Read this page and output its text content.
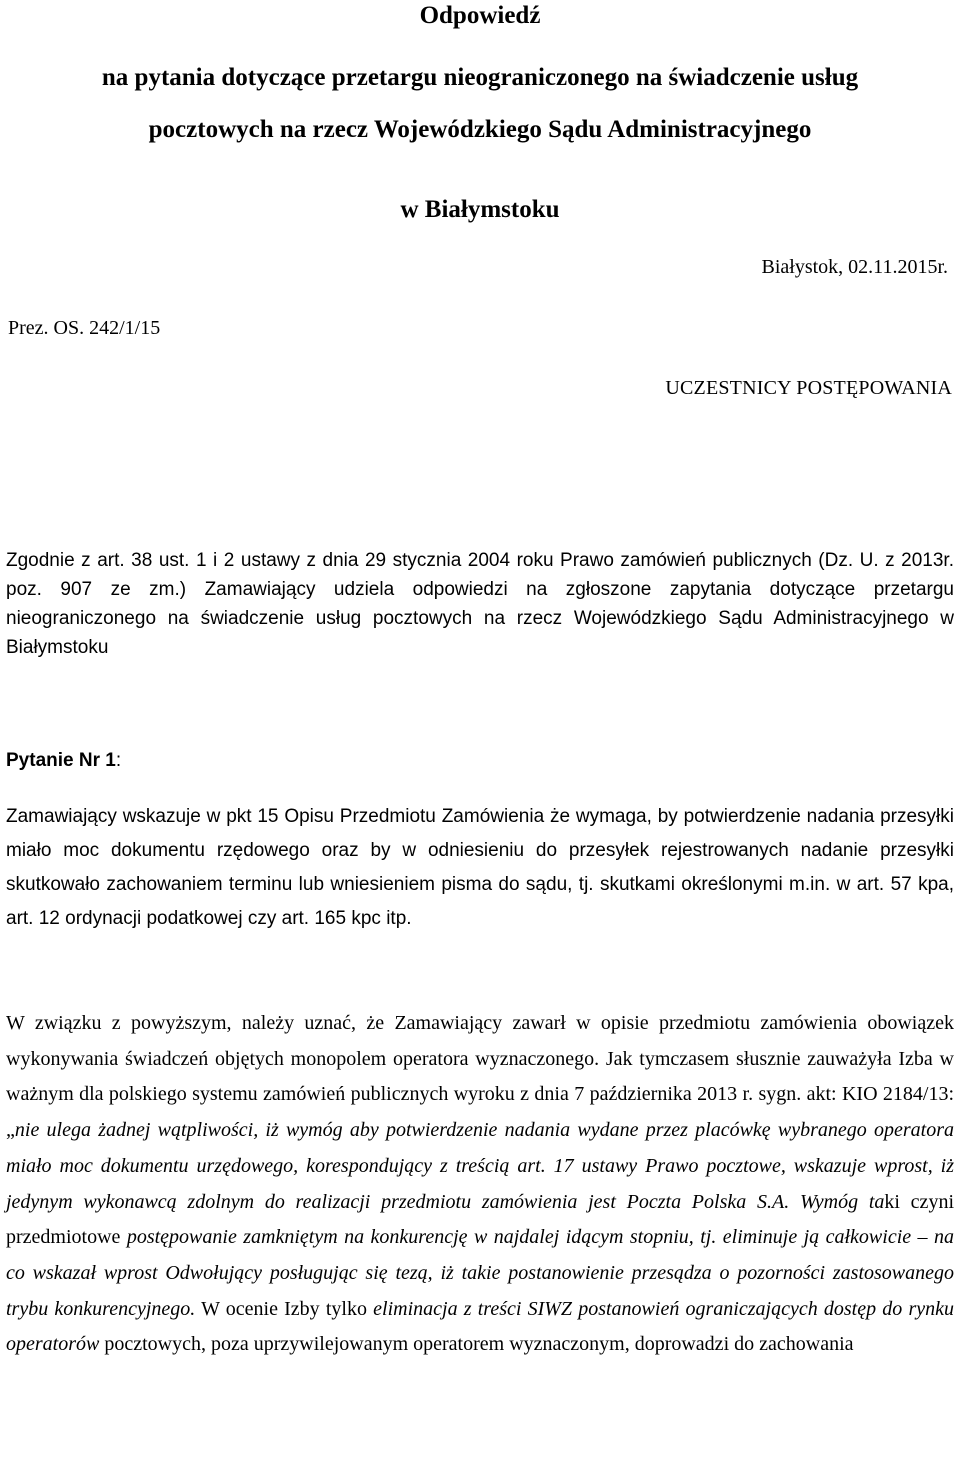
Odpowiedź
na pytania dotyczące przetargu nieograniczonego na świadczenie usług
pocztowych na rzecz Wojewódzkiego Sądu Administracyjnego
w Białymstoku
Białystok, 02.11.2015r.
Prez. OS. 242/1/15
UCZESTNICY POSTĘPOWANIA
Zgodnie z art. 38 ust. 1 i 2 ustawy z dnia 29 stycznia 2004 roku Prawo zamówień publicznych (Dz. U. z 2013r. poz. 907 ze zm.) Zamawiający udziela odpowiedzi na zgłoszone zapytania dotyczące przetargu nieograniczonego na świadczenie usług pocztowych na rzecz Wojewódzkiego Sądu Administracyjnego w Białymstoku
Pytanie Nr 1:
Zamawiający wskazuje w pkt 15 Opisu Przedmiotu Zamówienia że wymaga, by potwierdzenie nadania przesyłki miało moc dokumentu rzędowego oraz by w odniesieniu do przesyłek rejestrowanych nadanie przesyłki skutkowało zachowaniem terminu lub wniesieniem pisma do sądu, tj. skutkami określonymi m.in. w art. 57 kpa, art. 12 ordynacji podatkowej czy art. 165 kpc itp.
W związku z powyższym, należy uznać, że Zamawiający zawarł w opisie przedmiotu zamówienia obowiązek wykonywania świadczeń objętych monopolem operatora wyznaczonego. Jak tymczasem słusznie zauważyła Izba w ważnym dla polskiego systemu zamówień publicznych wyroku z dnia 7 października 2013 r. sygn. akt: KIO 2184/13: „nie ulega żadnej wątpliwości, iż wymóg aby potwierdzenie nadania wydane przez placówkę wybranego operatora miało moc dokumentu urzędowego, korespondujący z treścią art. 17 ustawy Prawo pocztowe, wskazuje wprost, iż jedynym wykonawcą zdolnym do realizacji przedmiotu zamówienia jest Poczta Polska S.A. Wymóg taki czyni przedmiotowe postępowanie zamkniętym na konkurencję w najdalej idącym stopniu, tj. eliminuje ją całkowicie – na co wskazał wprost Odwołujący posługując się tezą, iż takie postanowienie przesądza o pozorności zastosowanego trybu konkurencyjnego. W ocenie Izby tylko eliminacja z treści SIWZ postanowień ograniczających dostęp do rynku operatorów pocztowych, poza uprzywilejowanym operatorem wyznaczonym, doprowadzi do zachowania
